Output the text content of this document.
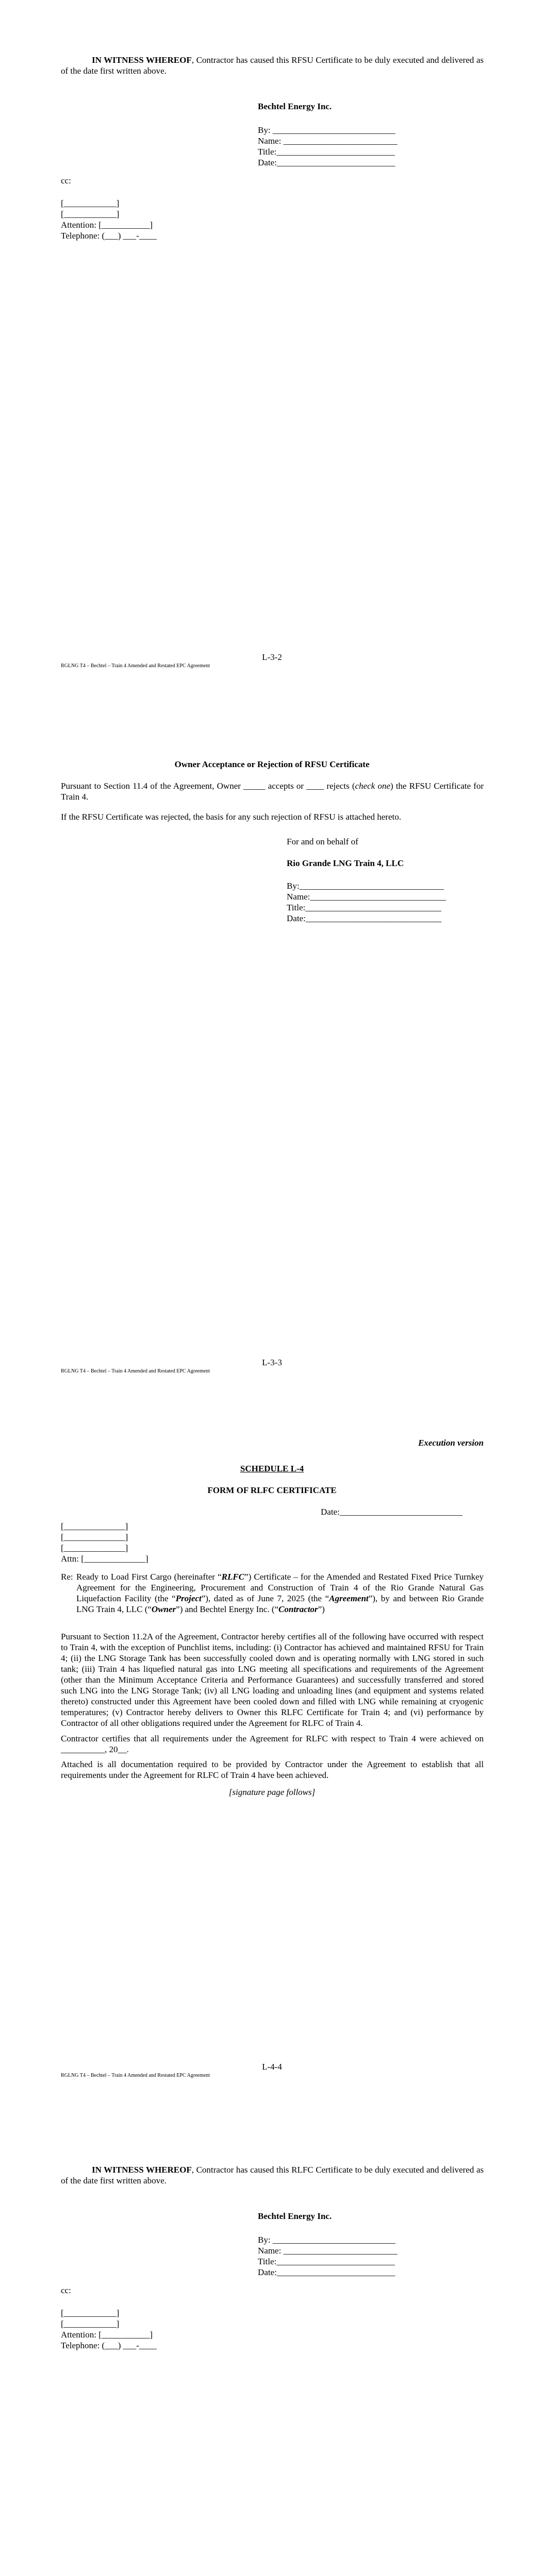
IN WITNESS WHEREOF, Contractor has caused this RFSU Certificate to be duly executed and delivered as of the date first written above.
Bechtel Energy Inc.
By: ____________________________
Name: __________________________
Title:___________________________
Date:___________________________
cc:
[____________]
[____________]
Attention: [___________]
Telephone: (___) ___-____
L-3-2
RGLNG T4 – Bechtel – Train 4 Amended and Restated EPC Agreement
Owner Acceptance or Rejection of RFSU Certificate
Pursuant to Section 11.4 of the Agreement, Owner _____ accepts or ____ rejects (check one) the RFSU Certificate for Train 4.
If the RFSU Certificate was rejected, the basis for any such rejection of RFSU is attached hereto.
For and on behalf of
Rio Grande LNG Train 4, LLC
By:_________________________________
Name:_______________________________
Title:_______________________________
Date:_______________________________
L-3-3
RGLNG T4 – Bechtel – Train 4 Amended and Restated EPC Agreement
Execution version
SCHEDULE L-4
FORM OF RLFC CERTIFICATE
Date:____________________________
[______________]
[______________]
[______________]
Attn: [______________]
Re: Ready to Load First Cargo (hereinafter “RLFC”) Certificate – for the Amended and Restated Fixed Price Turnkey Agreement for the Engineering, Procurement and Construction of Train 4 of the Rio Grande Natural Gas Liquefaction Facility (the “Project”), dated as of June 7, 2025 (the “Agreement”), by and between Rio Grande LNG Train 4, LLC (“Owner”) and Bechtel Energy Inc. (“Contractor”)
Pursuant to Section 11.2A of the Agreement, Contractor hereby certifies all of the following have occurred with respect to Train 4, with the exception of Punchlist items, including: (i) Contractor has achieved and maintained RFSU for Train 4; (ii) the LNG Storage Tank has been successfully cooled down and is operating normally with LNG stored in such tank; (iii) Train 4 has liquefied natural gas into LNG meeting all specifications and requirements of the Agreement (other than the Minimum Acceptance Criteria and Performance Guarantees) and successfully transferred and stored such LNG into the LNG Storage Tank; (iv) all LNG loading and unloading lines (and equipment and systems related thereto) constructed under this Agreement have been cooled down and filled with LNG while remaining at cryogenic temperatures; (v) Contractor hereby delivers to Owner this RLFC Certificate for Train 4; and (vi) performance by Contractor of all other obligations required under the Agreement for RLFC of Train 4.
Contractor certifies that all requirements under the Agreement for RLFC with respect to Train 4 were achieved on __________, 20__.
Attached is all documentation required to be provided by Contractor under the Agreement to establish that all requirements under the Agreement for RLFC of Train 4 have been achieved.
[signature page follows]
L-4-4
RGLNG T4 – Bechtel – Train 4 Amended and Restated EPC Agreement
IN WITNESS WHEREOF, Contractor has caused this RLFC Certificate to be duly executed and delivered as of the date first written above.
Bechtel Energy Inc.
By: ____________________________
Name: __________________________
Title:___________________________
Date:___________________________
cc:
[____________]
[____________]
Attention: [___________]
Telephone: (___) ___-____
